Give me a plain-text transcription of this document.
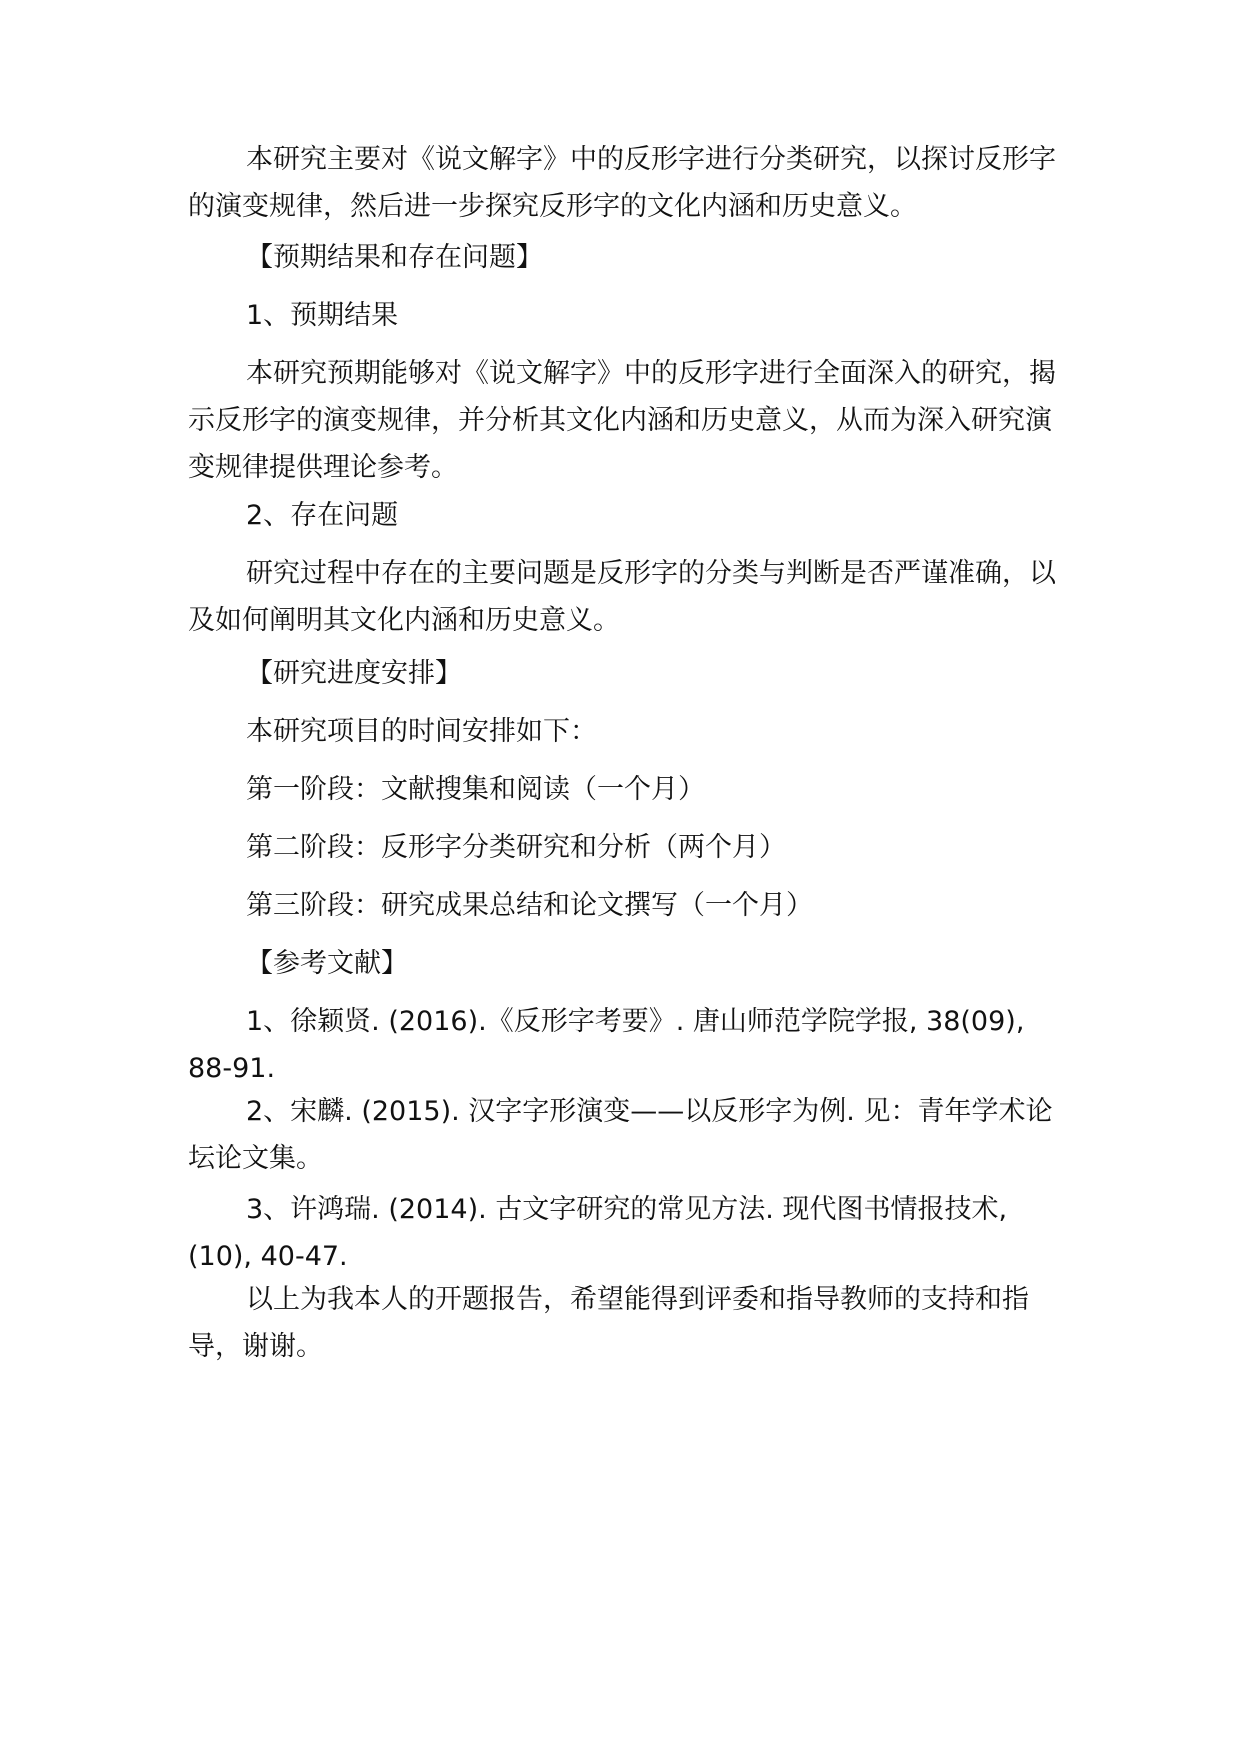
本研究主要对《说文解字》中的反形字进行分类研究，以探讨反形字的演变规律，然后进一步探究反形字的文化内涵和历史意义。

【预期结果和存在问题】

1、预期结果

本研究预期能够对《说文解字》中的反形字进行全面深入的研究，揭示反形字的演变规律，并分析其文化内涵和历史意义，从而为深入研究演变规律提供理论参考。

2、存在问题

研究过程中存在的主要问题是反形字的分类与判断是否严谨准确，以及如何阐明其文化内涵和历史意义。

【研究进度安排】

本研究项目的时间安排如下：

第一阶段：文献搜集和阅读（一个月）

第二阶段：反形字分类研究和分析（两个月）

第三阶段：研究成果总结和论文撰写（一个月）

【参考文献】

1、徐颖贤. (2016).《反形字考要》. 唐山师范学院学报, 38(09), 88-91.

2、宋麟. (2015). 汉字字形演变——以反形字为例. 见：青年学术论坛论文集。

3、许鸿瑞. (2014). 古文字研究的常见方法. 现代图书情报技术, (10), 40-47.

以上为我本人的开题报告，希望能得到评委和指导教师的支持和指导，谢谢。
